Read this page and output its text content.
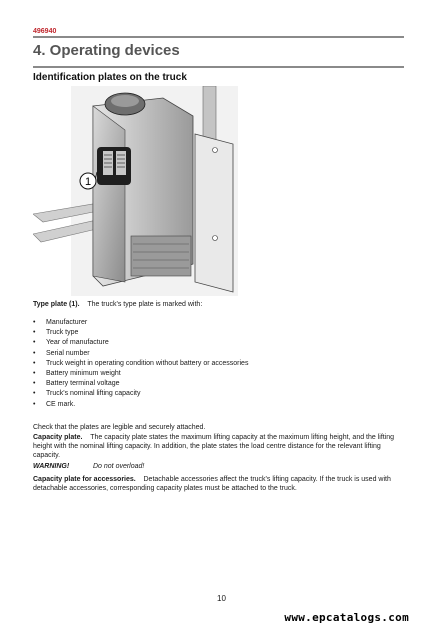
496940
4. Operating devices
Identification plates on the truck
1
Type plate (1). The truck's type plate is marked with:
• Manufacturer
• Truck type
• Year of manufacture
• Serial number
• Truck weight in operating condition without battery or accessories
• Battery minimum weight
• Battery terminal voltage
• Truck's nominal lifting capacity
• CE mark.
Check that the plates are legible and securely attached.
Capacity plate. The capacity plate states the maximum lifting capacity at the maximum lifting height, and the lifting height with the nominal lifting capacity. In addition, the plate states the load centre distance for the relevant lifting capacity.
WARNING!	Do not overload!
Capacity plate for accessories. Detachable accessories affect the truck's lifting capacity. If the truck is used with detachable accessories, corresponding capacity plates must be attached to the truck.
10
www.epcatalogs.com
